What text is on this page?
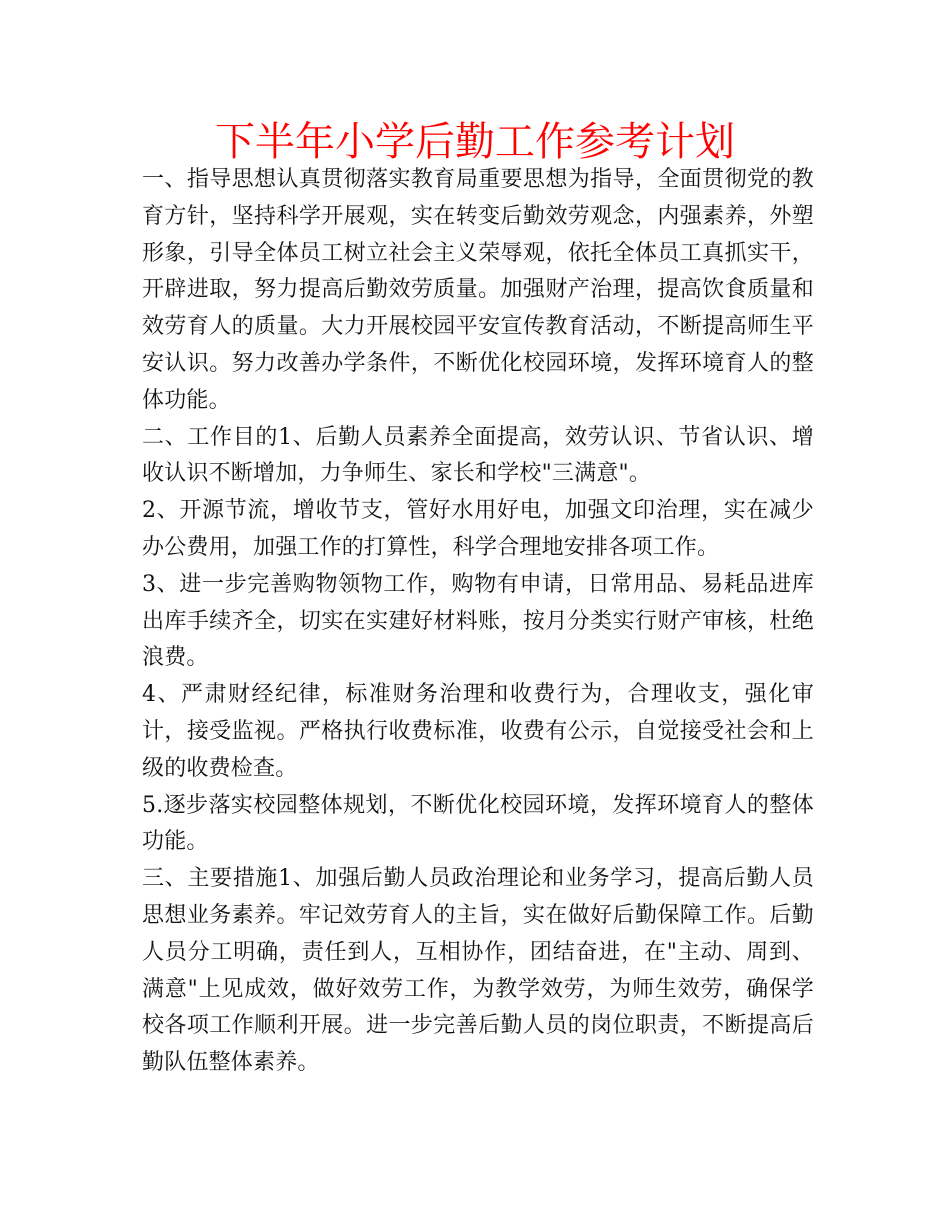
下半年小学后勤工作参考计划

一、指导思想认真贯彻落实教育局重要思想为指导，全面贯彻党的教育方针，坚持科学开展观，实在转变后勤效劳观念，内强素养，外塑形象，引导全体员工树立社会主义荣辱观，依托全体员工真抓实干，开辟进取，努力提高后勤效劳质量。加强财产治理，提高饮食质量和效劳育人的质量。大力开展校园平安宣传教育活动，不断提高师生平安认识。努力改善办学条件，不断优化校园环境，发挥环境育人的整体功能。

二、工作目的1、后勤人员素养全面提高，效劳认识、节省认识、增收认识不断增加，力争师生、家长和学校"三满意"。

2、开源节流，增收节支，管好水用好电，加强文印治理，实在减少办公费用，加强工作的打算性，科学合理地安排各项工作。

3、进一步完善购物领物工作，购物有申请，日常用品、易耗品进库出库手续齐全，切实在实建好材料账，按月分类实行财产审核，杜绝浪费。

4、严肃财经纪律，标准财务治理和收费行为，合理收支，强化审计，接受监视。严格执行收费标准，收费有公示，自觉接受社会和上级的收费检查。

5.逐步落实校园整体规划，不断优化校园环境，发挥环境育人的整体功能。

三、主要措施1、加强后勤人员政治理论和业务学习，提高后勤人员思想业务素养。牢记效劳育人的主旨，实在做好后勤保障工作。后勤人员分工明确，责任到人，互相协作，团结奋进，在"主动、周到、满意"上见成效，做好效劳工作，为教学效劳，为师生效劳，确保学校各项工作顺利开展。进一步完善后勤人员的岗位职责，不断提高后勤队伍整体素养。
